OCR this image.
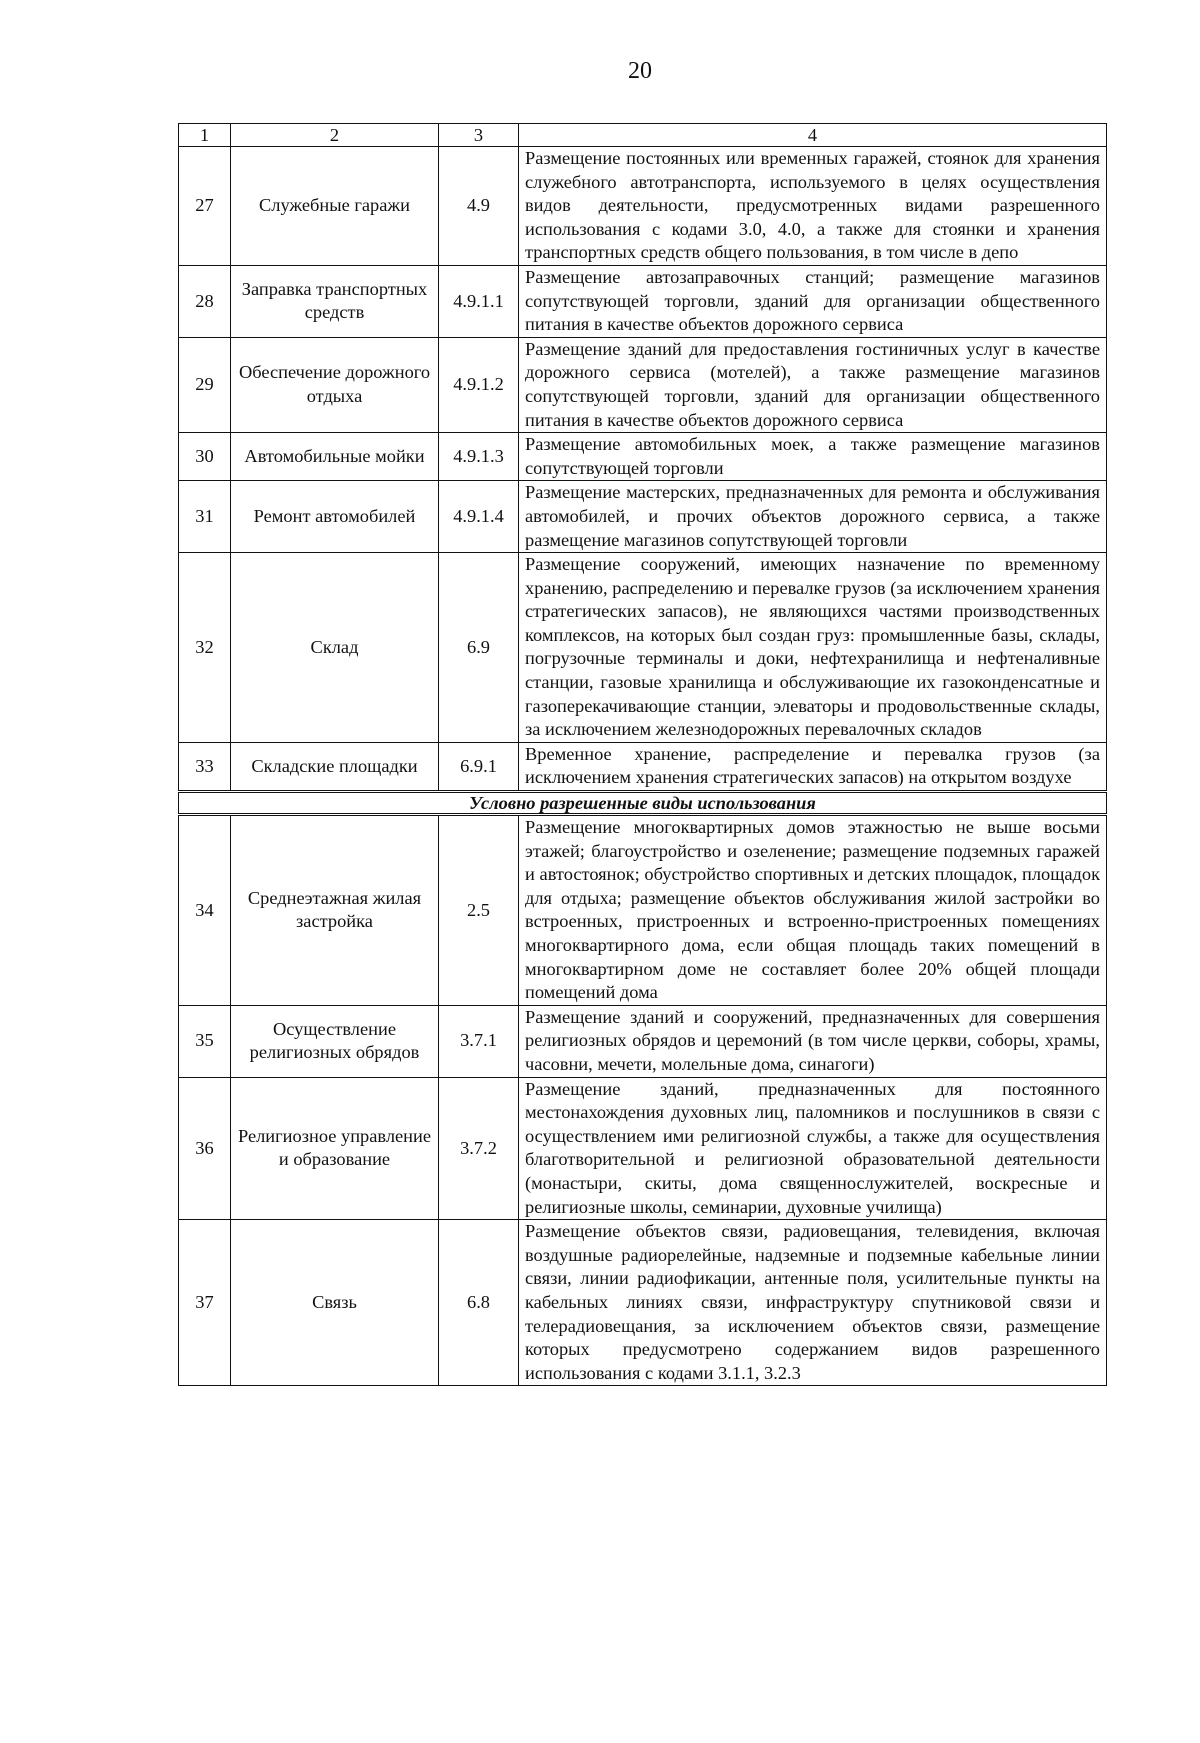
20
1	2	3	4
27	Служебные гаражи	4.9	Размещение постоянных или временных гаражей, стоянок для хранения служебного автотранспорта, используемого в целях осуществления видов деятельности, предусмотренных видами разрешенного использования с кодами 3.0, 4.0, а также для стоянки и хранения транспортных средств общего пользования, в том числе в депо
28	Заправка транспортных средств	4.9.1.1	Размещение автозаправочных станций; размещение магазинов сопутствующей торговли, зданий для организации общественного питания в качестве объектов дорожного сервиса
29	Обеспечение дорожного отдыха	4.9.1.2	Размещение зданий для предоставления гостиничных услуг в качестве дорожного сервиса (мотелей), а также размещение магазинов сопутствующей торговли, зданий для организации общественного питания в качестве объектов дорожного сервиса
30	Автомобильные мойки	4.9.1.3	Размещение автомобильных моек, а также размещение магазинов сопутствующей торговли
31	Ремонт автомобилей	4.9.1.4	Размещение мастерских, предназначенных для ремонта и обслуживания автомобилей, и прочих объектов дорожного сервиса, а также размещение магазинов сопутствующей торговли
32	Склад	6.9	Размещение сооружений, имеющих назначение по временному хранению, распределению и перевалке грузов (за исключением хранения стратегических запасов), не являющихся частями производственных комплексов, на которых был создан груз: промышленные базы, склады, погрузочные терминалы и доки, нефтехранилища и нефтеналивные станции, газовые хранилища и обслуживающие их газоконденсатные и газоперекачивающие станции, элеваторы и продовольственные склады, за исключением железнодорожных перевалочных складов
33	Складские площадки	6.9.1	Временное хранение, распределение и перевалка грузов (за исключением хранения стратегических запасов) на открытом воздухе
Условно разрешенные виды использования			
34	Среднеэтажная жилая застройка	2.5	Размещение многоквартирных домов этажностью не выше восьми этажей; благоустройство и озеленение; размещение подземных гаражей и автостоянок; обустройство спортивных и детских площадок, площадок для отдыха; размещение объектов обслуживания жилой застройки во встроенных, пристроенных и встроенно-пристроенных помещениях многоквартирного дома, если общая площадь таких помещений в многоквартирном доме не составляет более 20% общей площади помещений дома
35	Осуществление религиозных обрядов	3.7.1	Размещение зданий и сооружений, предназначенных для совершения религиозных обрядов и церемоний (в том числе церкви, соборы, храмы, часовни, мечети, молельные дома, синагоги)
36	Религиозное управление и образование	3.7.2	Размещение зданий, предназначенных для постоянного местонахождения духовных лиц, паломников и послушников в связи с осуществлением ими религиозной службы, а также для осуществления благотворительной и религиозной образовательной деятельности (монастыри, скиты, дома священнослужителей, воскресные и религиозные школы, семинарии, духовные училища)
37	Связь	6.8	Размещение объектов связи, радиовещания, телевидения, включая воздушные радиорелейные, надземные и подземные кабельные линии связи, линии радиофикации, антенные поля, усилительные пункты на кабельных линиях связи, инфраструктуру спутниковой связи и телерадиовещания, за исключением объектов связи, размещение которых предусмотрено содержанием видов разрешенного использования с кодами 3.1.1, 3.2.3
